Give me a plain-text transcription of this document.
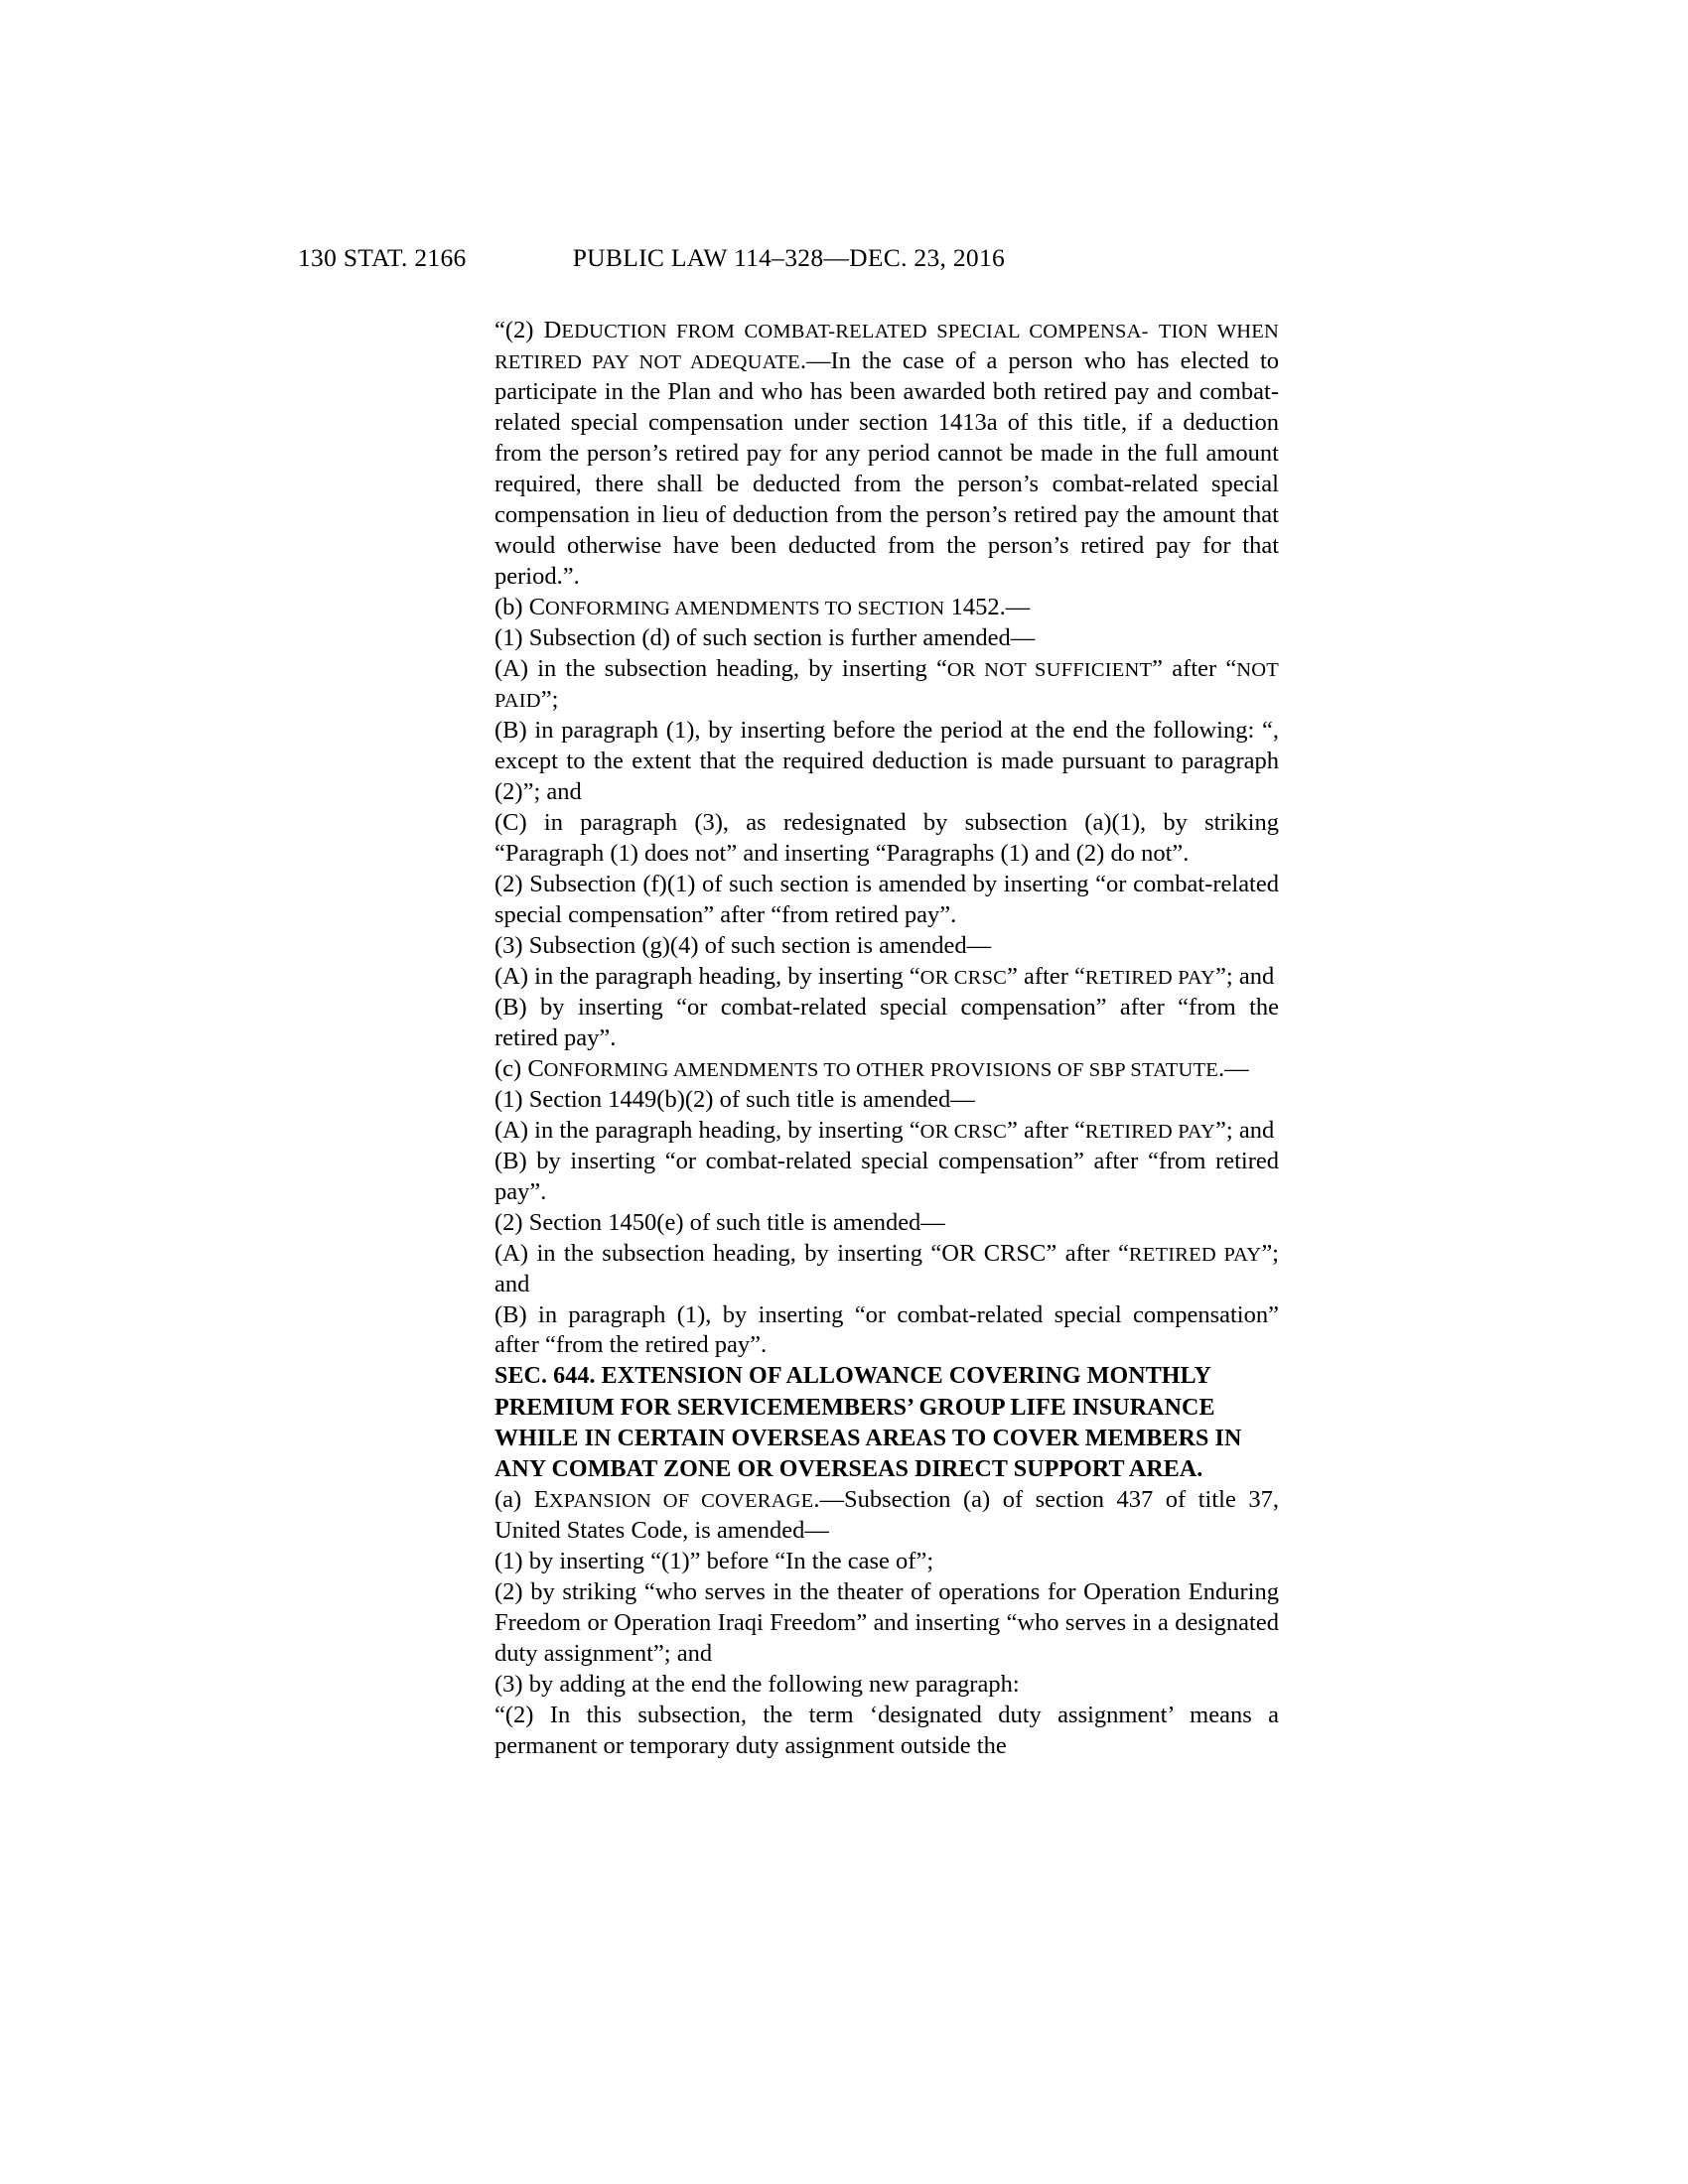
130 STAT. 2166	PUBLIC LAW 114–328—DEC. 23, 2016

“(2) DEDUCTION FROM COMBAT-RELATED SPECIAL COMPENSA- TION WHEN RETIRED PAY NOT ADEQUATE.—In the case of a person who has elected to participate in the Plan and who has been awarded both retired pay and combat-related special compensation under section 1413a of this title, if a deduction from the person’s retired pay for any period cannot be made in the full amount required, there shall be deducted from the person’s combat-related special compensation in lieu of deduction from the person’s retired pay the amount that would otherwise have been deducted from the person’s retired pay for that period.”.

(b) CONFORMING AMENDMENTS TO SECTION 1452.—

(1) Subsection (d) of such section is further amended—

(A) in the subsection heading, by inserting “OR NOT SUFFICIENT” after “NOT PAID”;

(B) in paragraph (1), by inserting before the period at the end the following: “, except to the extent that the required deduction is made pursuant to paragraph (2)”; and

(C) in paragraph (3), as redesignated by subsection (a)(1), by striking “Paragraph (1) does not” and inserting “Paragraphs (1) and (2) do not”.

(2) Subsection (f)(1) of such section is amended by inserting “or combat-related special compensation” after “from retired pay”.

(3) Subsection (g)(4) of such section is amended—

(A) in the paragraph heading, by inserting “OR CRSC” after “RETIRED PAY”; and

(B) by inserting “or combat-related special compensation” after “from the retired pay”.

(c) CONFORMING AMENDMENTS TO OTHER PROVISIONS OF SBP STATUTE.—

(1) Section 1449(b)(2) of such title is amended—

(A) in the paragraph heading, by inserting “OR CRSC” after “RETIRED PAY”; and

(B) by inserting “or combat-related special compensation” after “from retired pay”.

(2) Section 1450(e) of such title is amended—

(A) in the subsection heading, by inserting “OR CRSC” after “RETIRED PAY”; and

(B) in paragraph (1), by inserting “or combat-related special compensation” after “from the retired pay”.

SEC. 644. EXTENSION OF ALLOWANCE COVERING MONTHLY PREMIUM FOR SERVICEMEMBERS’ GROUP LIFE INSURANCE WHILE IN CERTAIN OVERSEAS AREAS TO COVER MEMBERS IN ANY COMBAT ZONE OR OVERSEAS DIRECT SUPPORT AREA.

(a) EXPANSION OF COVERAGE.—Subsection (a) of section 437 of title 37, United States Code, is amended—

(1) by inserting “(1)” before “In the case of”;

(2) by striking “who serves in the theater of operations for Operation Enduring Freedom or Operation Iraqi Freedom” and inserting “who serves in a designated duty assignment”; and

(3) by adding at the end the following new paragraph:

“(2) In this subsection, the term ‘designated duty assignment’ means a permanent or temporary duty assignment outside the
